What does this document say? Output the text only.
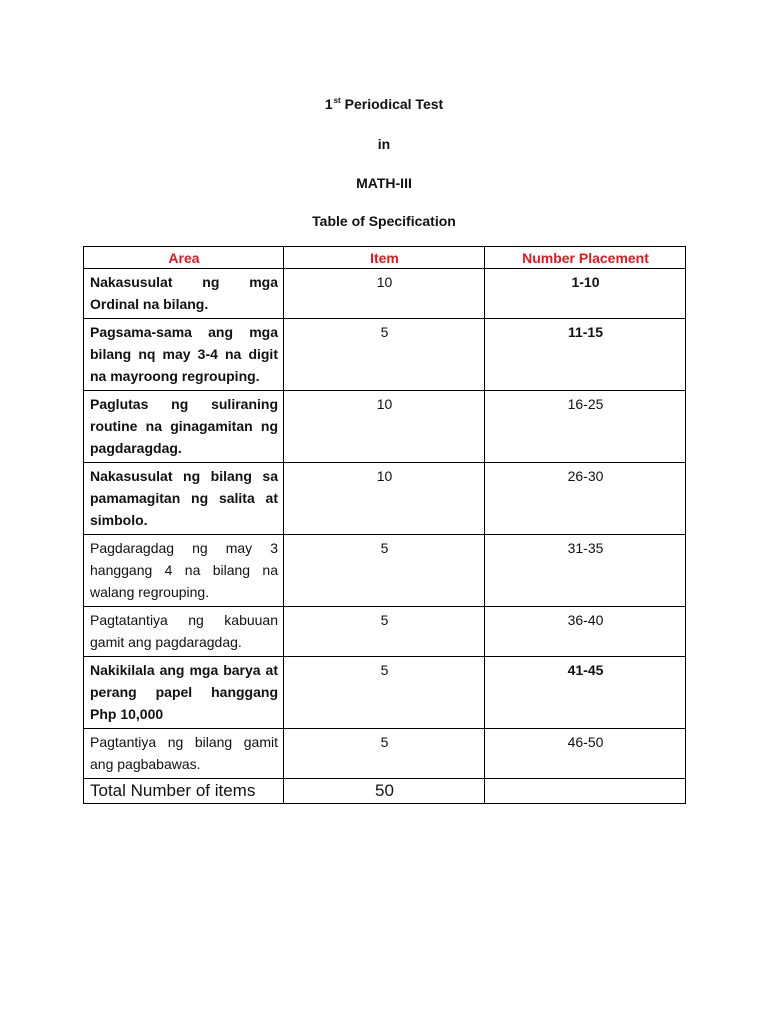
1st Periodical Test

in

MATH-III

Table of Specification

Area	Item	Number Placement
Nakasusulat ng mga Ordinal na bilang.	10	1-10
Pagsama-sama ang mga bilang nq may 3-4 na digit na mayroong regrouping.	5	11-15
Paglutas ng suliraning routine na ginagamitan ng pagdaragdag.	10	16-25
Nakasusulat ng bilang sa pamamagitan ng salita at simbolo.	10	26-30
Pagdaragdag ng may 3 hanggang 4 na bilang na walang regrouping.	5	31-35
Pagtatantiya ng kabuuan gamit ang pagdaragdag.	5	36-40
Nakikilala ang mga barya at perang papel hanggang Php 10,000	5	41-45
Pagtantiya ng bilang gamit ang pagbabawas.	5	46-50
Total Number of items	50	
